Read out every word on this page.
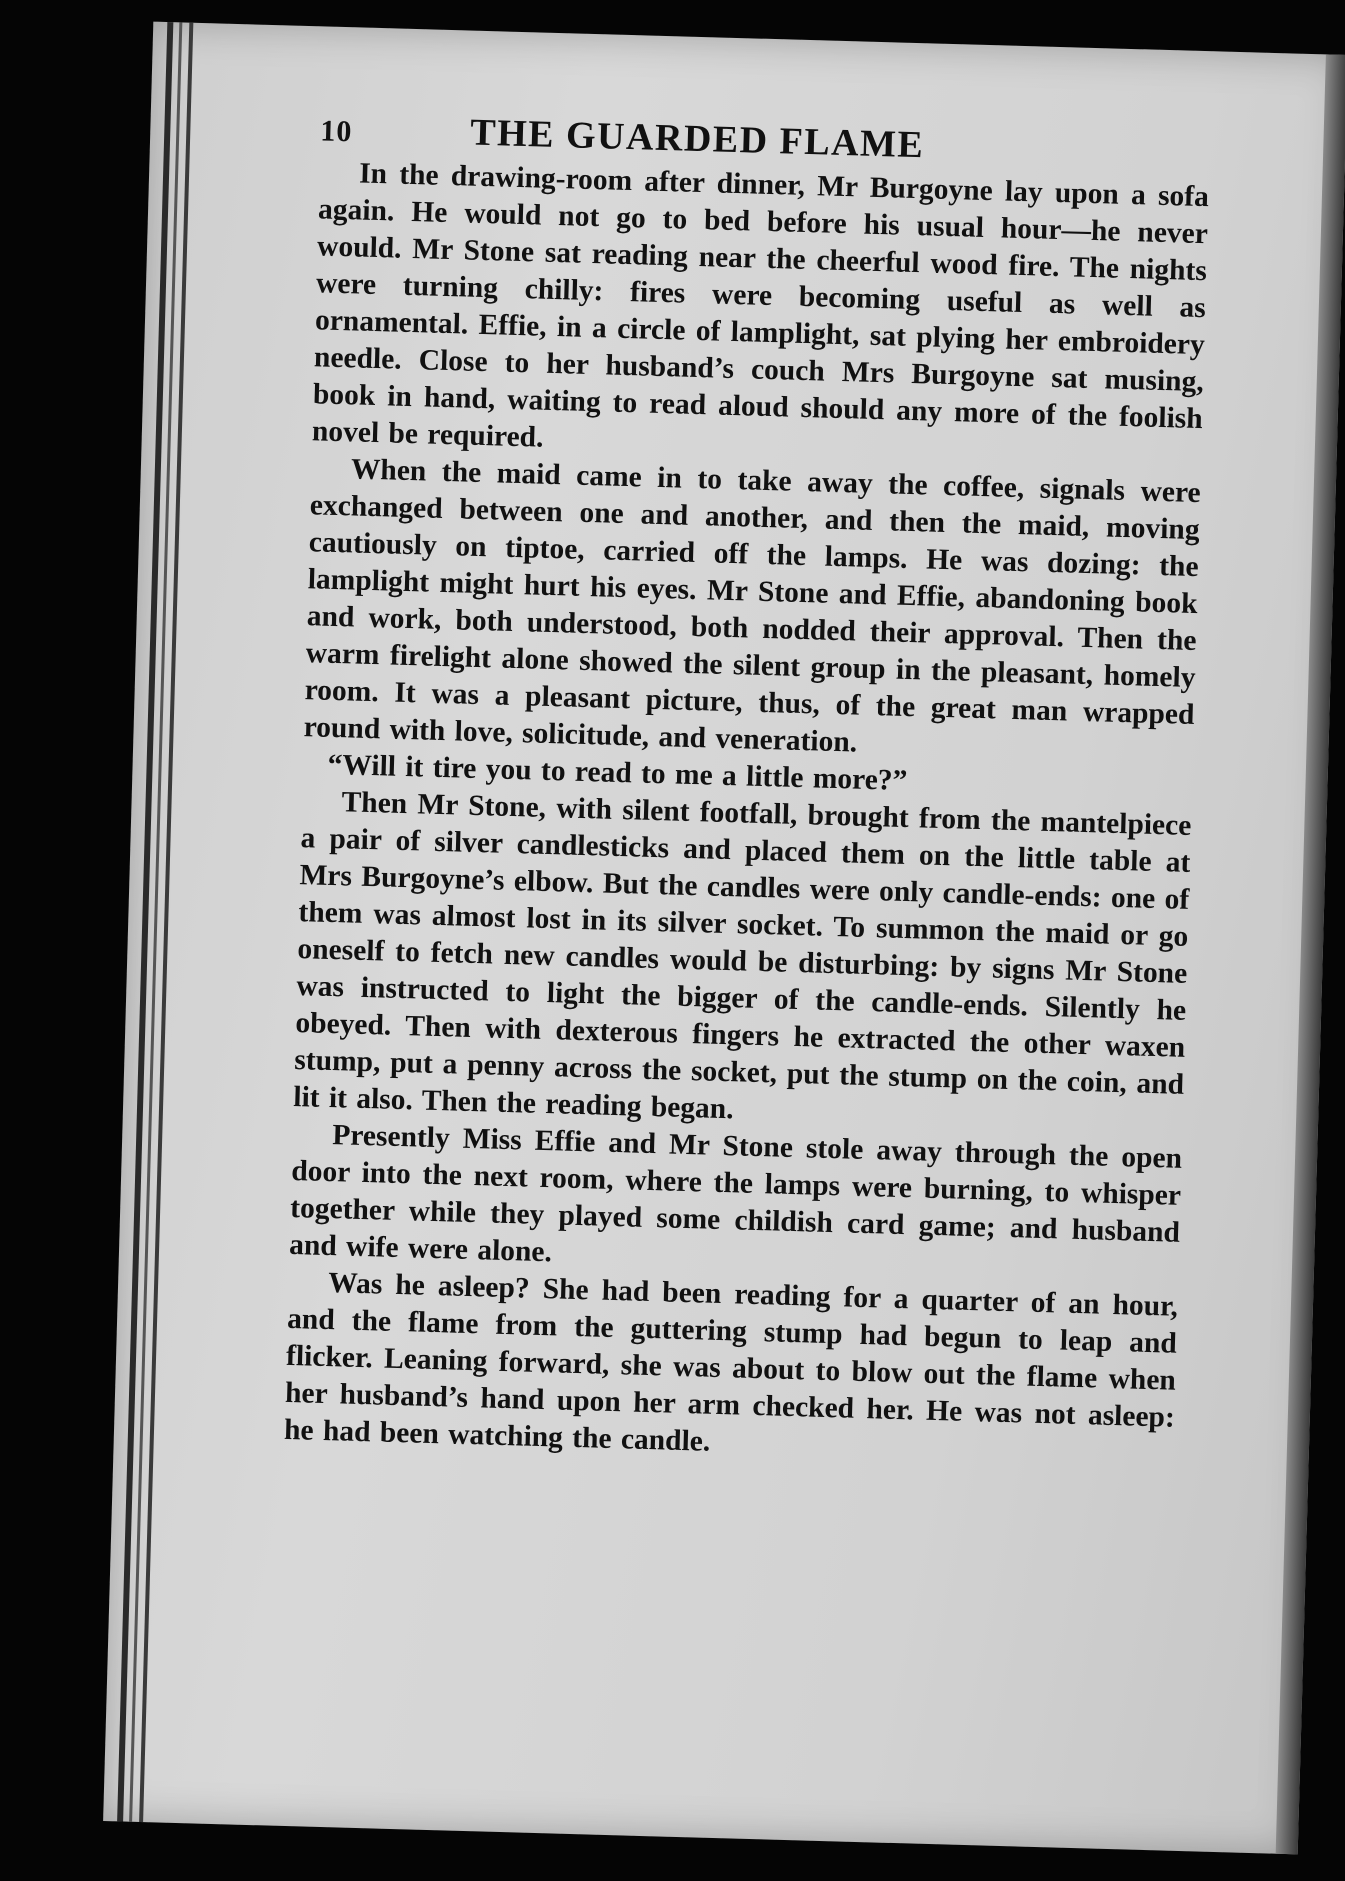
10	THE GUARDED FLAME

In the drawing-room after dinner, Mr Burgoyne lay upon a sofa again. He would not go to bed before his usual hour—he never would. Mr Stone sat reading near the cheerful wood fire. The nights were turning chilly: fires were becoming useful as well as ornamental. Effie, in a circle of lamplight, sat plying her embroidery needle. Close to her husband’s couch Mrs Burgoyne sat musing, book in hand, waiting to read aloud should any more of the foolish novel be required.

When the maid came in to take away the coffee, signals were exchanged between one and another, and then the maid, moving cautiously on tiptoe, carried off the lamps. He was dozing: the lamplight might hurt his eyes. Mr Stone and Effie, abandoning book and work, both understood, both nodded their approval. Then the warm firelight alone showed the silent group in the pleasant, homely room. It was a pleasant picture, thus, of the great man wrapped round with love, solicitude, and veneration.

“Will it tire you to read to me a little more?”

Then Mr Stone, with silent footfall, brought from the mantelpiece a pair of silver candlesticks and placed them on the little table at Mrs Burgoyne’s elbow. But the candles were only candle-ends: one of them was almost lost in its silver socket. To summon the maid or go oneself to fetch new candles would be disturbing: by signs Mr Stone was instructed to light the bigger of the candle-ends. Silently he obeyed. Then with dexterous fingers he extracted the other waxen stump, put a penny across the socket, put the stump on the coin, and lit it also. Then the reading began.

Presently Miss Effie and Mr Stone stole away through the open door into the next room, where the lamps were burning, to whisper together while they played some childish card game; and husband and wife were alone.

Was he asleep? She had been reading for a quarter of an hour, and the flame from the guttering stump had begun to leap and flicker. Leaning forward, she was about to blow out the flame when her husband’s hand upon her arm checked her. He was not asleep: he had been watching the candle.
